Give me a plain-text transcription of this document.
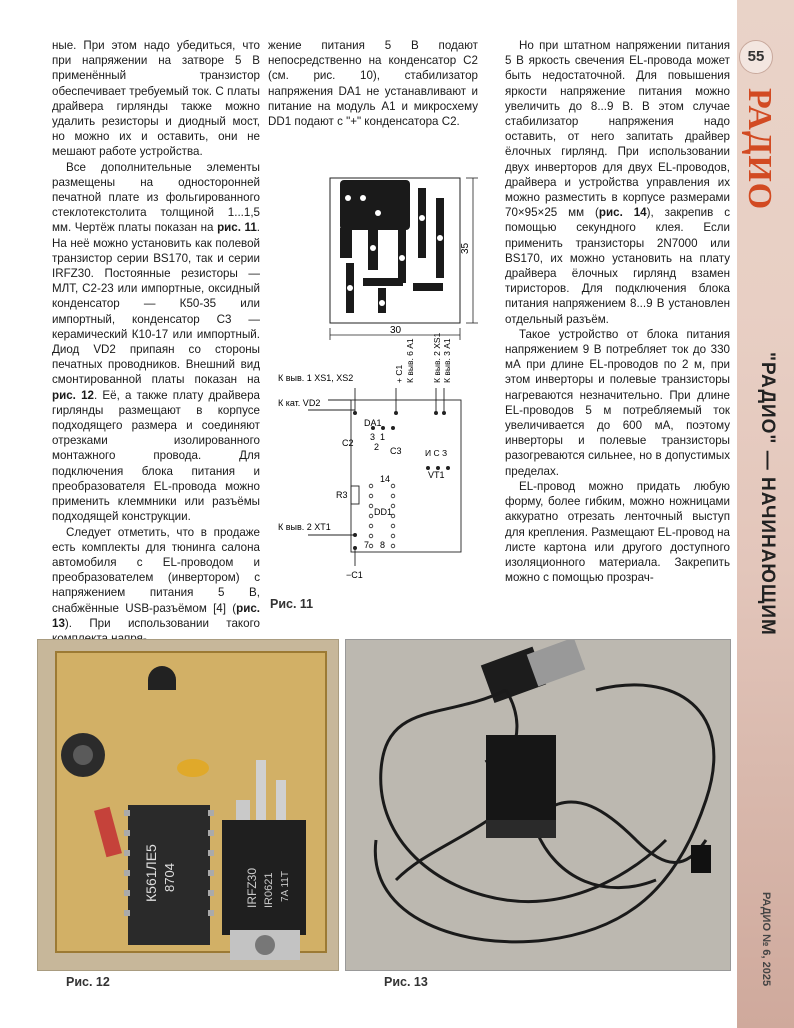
55
РАДИО
"РАДИО" — НАЧИНАЮЩИМ
РАДИО № 6, 2025

ные. При этом надо убедиться, что при напряжении на затворе 5 В применённый транзистор обеспечивает требуемый ток. С платы драйвера гирлянды также можно удалить резисторы и диодный мост, но можно их и оставить, они не мешают работе устройства.

Все дополнительные элементы размещены на односторонней печатной плате из фольгированного стеклотекстолита толщиной 1...1,5 мм. Чертёж платы показан на рис. 11. На неё можно установить как полевой транзистор серии BS170, так и серии IRFZ30. Постоянные резисторы — МЛТ, С2-23 или импортные, оксидный конденсатор — К50-35 или импортный, конденсатор С3 — керамический К10-17 или импортный. Диод VD2 припаян со стороны печатных проводников. Внешний вид смонтированной платы показан на рис. 12. Её, а также плату драйвера гирлянды размещают в корпусе подходящего размера и соединяют отрезками изолированного монтажного провода. Для подключения блока питания и преобразователя EL-провода можно применить клеммники или разъёмы подходящей конструкции.

Следует отметить, что в продаже есть комплекты для тюнинга салона автомобиля с EL-проводом и преобразователем (инвертором) с напряжением питания 5 В, снабжённые USB-разъёмом [4] (рис. 13). При использовании такого

жение питания 5 В подают непосредственно на конденсатор С2 (см. рис. 10), стабилизатор напряжения DA1 не устанавливают и питание на модуль А1 и микросхему DD1 подают с "+" конденсатора С2.

Но при штатном напряжении питания 5 В яркость свечения EL-провода может быть недостаточной. Для повышения яркости напряжение питания можно увеличить до 8...9 В. В этом случае стабилизатор напряжения надо оставить, от него запитать драйвер ёлочных гирлянд. При использовании двух инверторов для двух EL-проводов, драйвера и устройства управления их можно разместить в корпусе размерами 70×95×25 мм (рис. 14), закрепив с помощью секундного клея. Если применить транзисторы 2N7000 или BS170, их можно установить на плату драйвера ёлочных гирлянд взамен тиристоров. Для подключения блока питания напряжением 8...9 В установлен отдельный разъём.

Такое устройство от блока питания напряжением 9 В потребляет ток до 330 мА при длине EL-проводов по 2 м, при этом инверторы и полевые транзисторы нагреваются незначительно. При длине EL-проводов 5 м потребляемый ток увеличивается до 600 мА, поэтому инверторы и полевые транзисторы разогреваются сильнее, но в допустимых пределах.

EL-провод можно придать любую форму, более гибким, можно ножницами аккуратно отрезать ленточный выступ для крепления. Размещают EL-провод на листе картона или другого доступного изоляционного материала. Закрепить можно с помощью прозрач-

35
30
К выв. 1 XS1, XS2	+ С1 К выв. 6 А1 К выв. 2 XS1 К выв. 3 А1
К кат. VD2
DA1
3 1
2
C2
C3	И С З
VT1
R3
14
DD1
7 8
К выв. 2 XT1
−C1
Рис. 11
К561ЛЕ5 8704	IRFZ30 IR0621 7A 11T
Рис. 12	Рис. 13
